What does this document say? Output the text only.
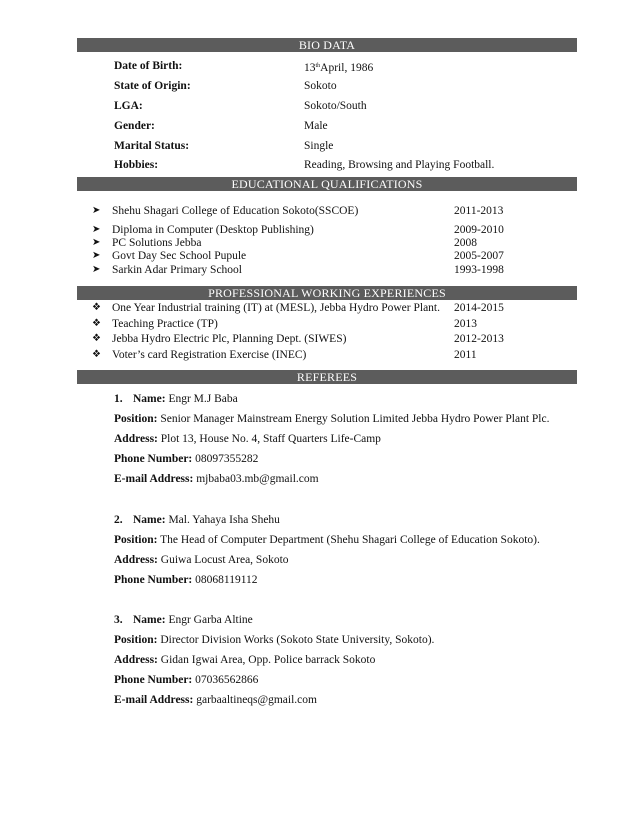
BIO DATA
Date of Birth:	13thApril, 1986
State of Origin:	Sokoto
LGA:	Sokoto/South
Gender:	Male
Marital Status:	Single
Hobbies:	Reading, Browsing and Playing Football.
EDUCATIONAL QUALIFICATIONS
➤	Shehu Shagari College of Education Sokoto(SSCOE)	2011-2013
➤	Diploma in Computer (Desktop Publishing)	2009-2010
➤	PC Solutions Jebba	2008
➤	Govt Day Sec School Pupule	2005-2007
➤	Sarkin Adar Primary School	1993-1998
PROFESSIONAL WORKING EXPERIENCES
❖ One Year Industrial training (IT) at (MESL), Jebba Hydro Power Plant. 2014-2015
❖ Teaching Practice (TP)	2013
❖ Jebba Hydro Electric Plc, Planning Dept. (SIWES)	2012-2013
❖ Voter’s card Registration Exercise (INEC)	2011
REFEREES
1. Name: Engr M.J Baba
Position: Senior Manager Mainstream Energy Solution Limited Jebba Hydro Power Plant Plc.
Address: Plot 13, House No. 4, Staff Quarters Life-Camp
Phone Number: 08097355282
E-mail Address: mjbaba03.mb@gmail.com
2. Name: Mal. Yahaya Isha Shehu
Position: The Head of Computer Department (Shehu Shagari College of Education Sokoto).
Address: Guiwa Locust Area, Sokoto
Phone Number: 08068119112
3. Name: Engr Garba Altine
Position: Director Division Works (Sokoto State University, Sokoto).
Address: Gidan Igwai Area, Opp. Police barrack Sokoto
Phone Number: 07036562866
E-mail Address: garbaaltineqs@gmail.com
